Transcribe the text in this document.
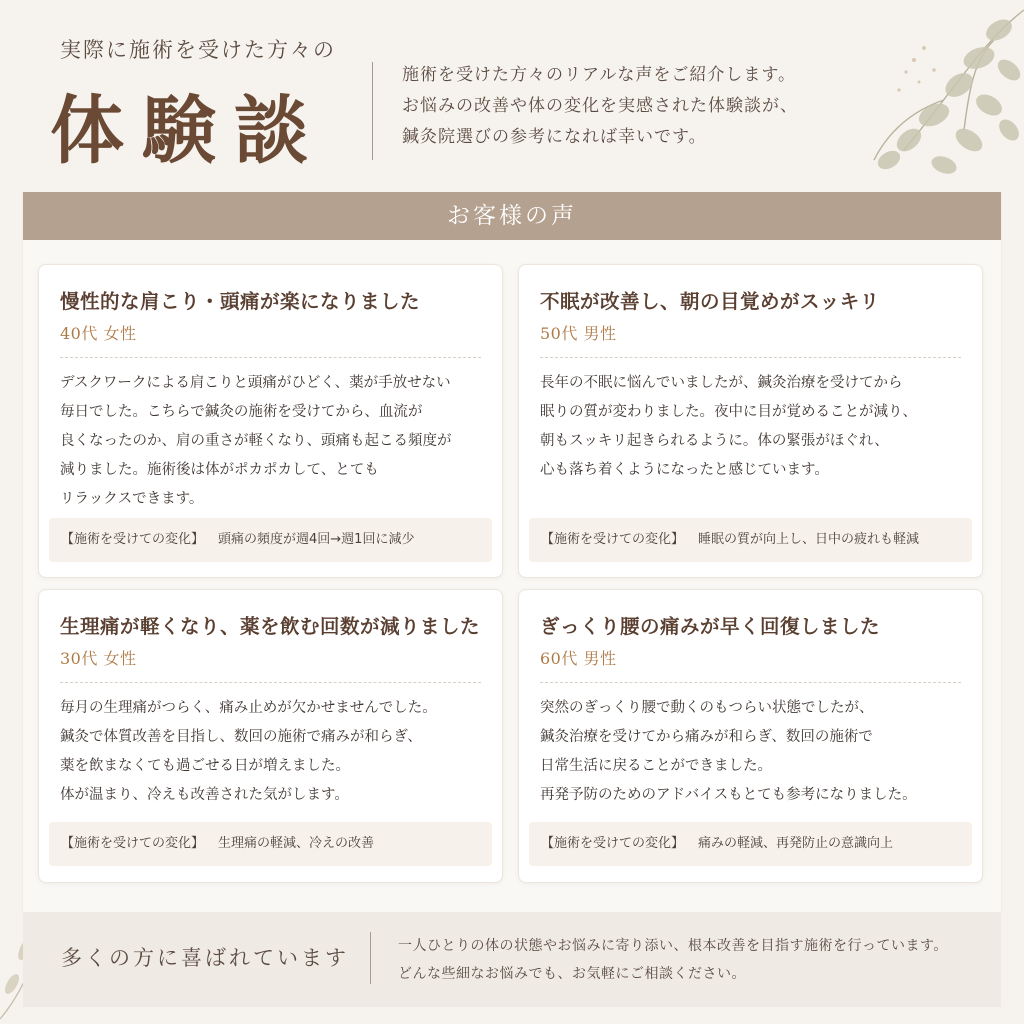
実際に施術を受けた方々の
体験談
施術を受けた方々のリアルな声をご紹介します。
お悩みの改善や体の変化を実感された体験談が、
鍼灸院選びの参考になれば幸いです。
お客様の声
慢性的な肩こり・頭痛が楽になりました
40代 女性
デスクワークによる肩こりと頭痛がひどく、薬が手放せない
毎日でした。こちらで鍼灸の施術を受けてから、血流が
良くなったのか、肩の重さが軽くなり、頭痛も起こる頻度が
減りました。施術後は体がポカポカして、とても
リラックスできます。
【施術を受けての変化】 頭痛の頻度が週4回→週1回に減少
不眠が改善し、朝の目覚めがスッキリ
50代 男性
長年の不眠に悩んでいましたが、鍼灸治療を受けてから
眠りの質が変わりました。夜中に目が覚めることが減り、
朝もスッキリ起きられるように。体の緊張がほぐれ、
心も落ち着くようになったと感じています。
【施術を受けての変化】 睡眠の質が向上し、日中の疲れも軽減
生理痛が軽くなり、薬を飲む回数が減りました
30代 女性
毎月の生理痛がつらく、痛み止めが欠かせませんでした。
鍼灸で体質改善を目指し、数回の施術で痛みが和らぎ、
薬を飲まなくても過ごせる日が増えました。
体が温まり、冷えも改善された気がします。
【施術を受けての変化】 生理痛の軽減、冷えの改善
ぎっくり腰の痛みが早く回復しました
60代 男性
突然のぎっくり腰で動くのもつらい状態でしたが、
鍼灸治療を受けてから痛みが和らぎ、数回の施術で
日常生活に戻ることができました。
再発予防のためのアドバイスもとても参考になりました。
【施術を受けての変化】 痛みの軽減、再発防止の意識向上
多くの方に喜ばれています	一人ひとりの体の状態やお悩みに寄り添い、根本改善を目指す施術を行っています。
どんな些細なお悩みでも、お気軽にご相談ください。
